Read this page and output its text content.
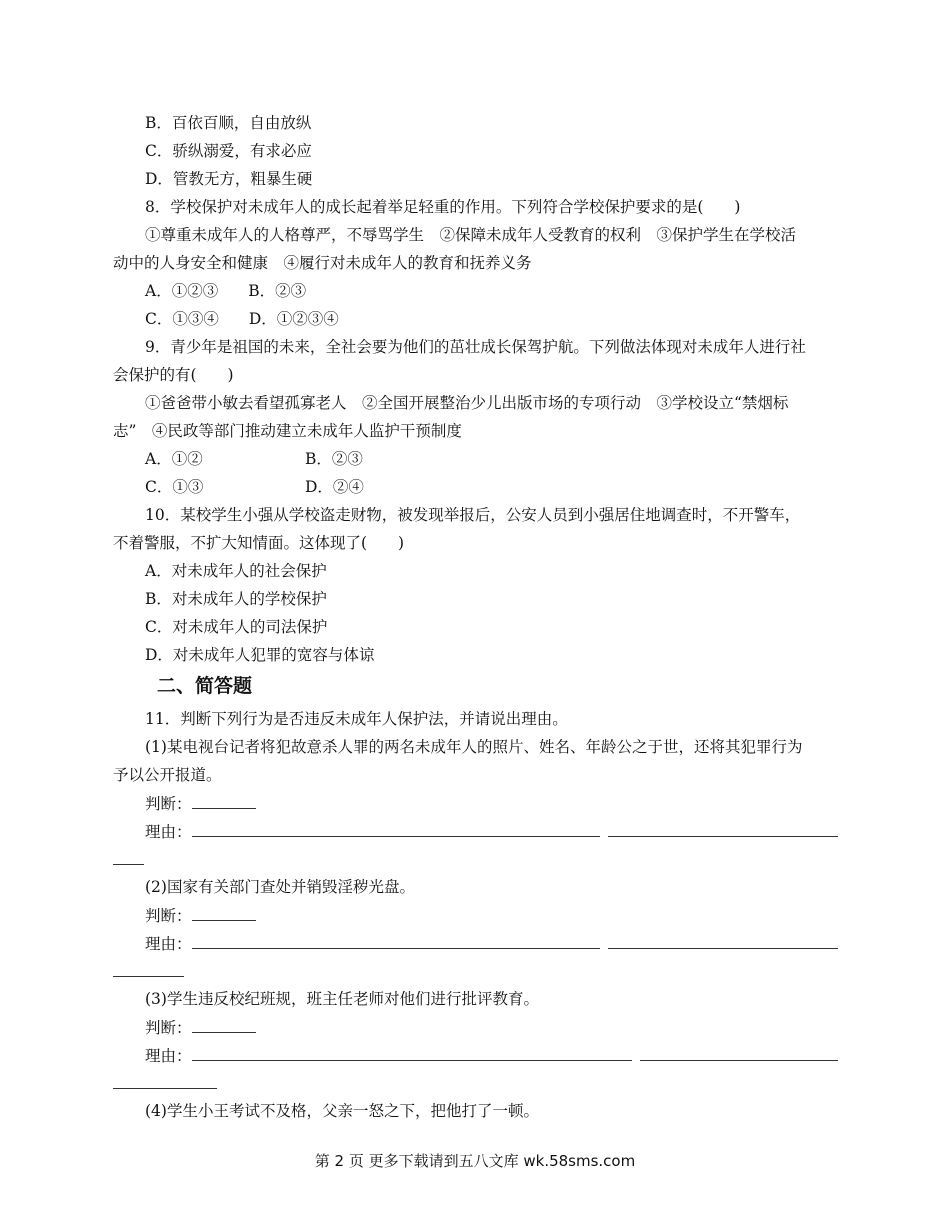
B．百依百顺，自由放纵
C．骄纵溺爱，有求必应
D．管教无方，粗暴生硬
8．学校保护对未成年人的成长起着举足轻重的作用。下列符合学校保护要求的是(　　)
①尊重未成年人的人格尊严，不辱骂学生　②保障未成年人受教育的权利　③保护学生在学校活
动中的人身安全和健康　④履行对未成年人的教育和抚养义务
A．①②③ B．②③
C．①③④ D．①②③④
9．青少年是祖国的未来，全社会要为他们的茁壮成长保驾护航。下列做法体现对未成年人进行社
会保护的有(　　)
①爸爸带小敏去看望孤寡老人　②全国开展整治少儿出版市场的专项行动　③学校设立“禁烟标
志”　④民政等部门推动建立未成年人监护干预制度
A．①②	B．②③
C．①③	D．②④
10．某校学生小强从学校盗走财物，被发现举报后，公安人员到小强居住地调查时，不开警车，
不着警服，不扩大知情面。这体现了(　　)
A．对未成年人的社会保护
B．对未成年人的学校保护
C．对未成年人的司法保护
D．对未成年人犯罪的宽容与体谅
二、简答题
11．判断下列行为是否违反未成年人保护法，并请说出理由。
(1)某电视台记者将犯故意杀人罪的两名未成年人的照片、姓名、年龄公之于世，还将其犯罪行为
予以公开报道。
判断：
理由：
(2)国家有关部门查处并销毁淫秽光盘。
判断：
理由：
(3)学生违反校纪班规，班主任老师对他们进行批评教育。
判断：
理由：
(4)学生小王考试不及格，父亲一怒之下，把他打了一顿。
第 2 页 更多下载请到五八文库 wk.58sms.com
